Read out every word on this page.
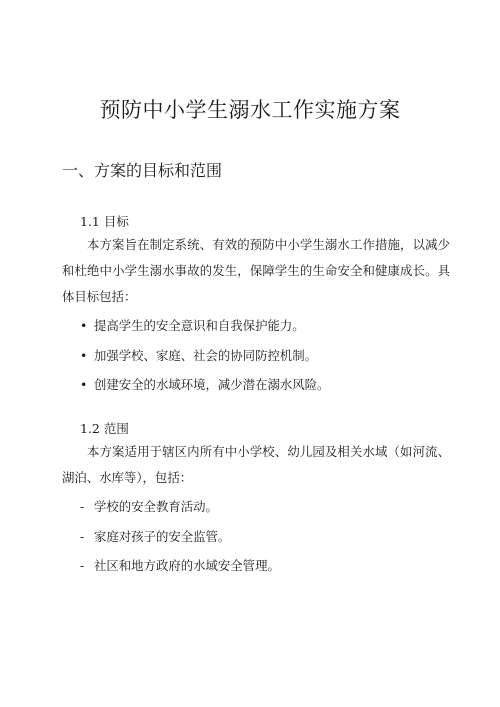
预防中小学生溺水工作实施方案
一、方案的目标和范围
1.1 目标

本方案旨在制定系统、有效的预防中小学生溺水工作措施，以减少和杜绝中小学生溺水事故的发生，保障学生的生命安全和健康成长。具体目标包括：

• 提高学生的安全意识和自我保护能力。
• 加强学校、家庭、社会的协同防控机制。
• 创建安全的水域环境，减少潜在溺水风险。
1.2 范围

本方案适用于辖区内所有中小学校、幼儿园及相关水域（如河流、湖泊、水库等），包括：

- 学校的安全教育活动。
- 家庭对孩子的安全监管。
- 社区和地方政府的水域安全管理。
